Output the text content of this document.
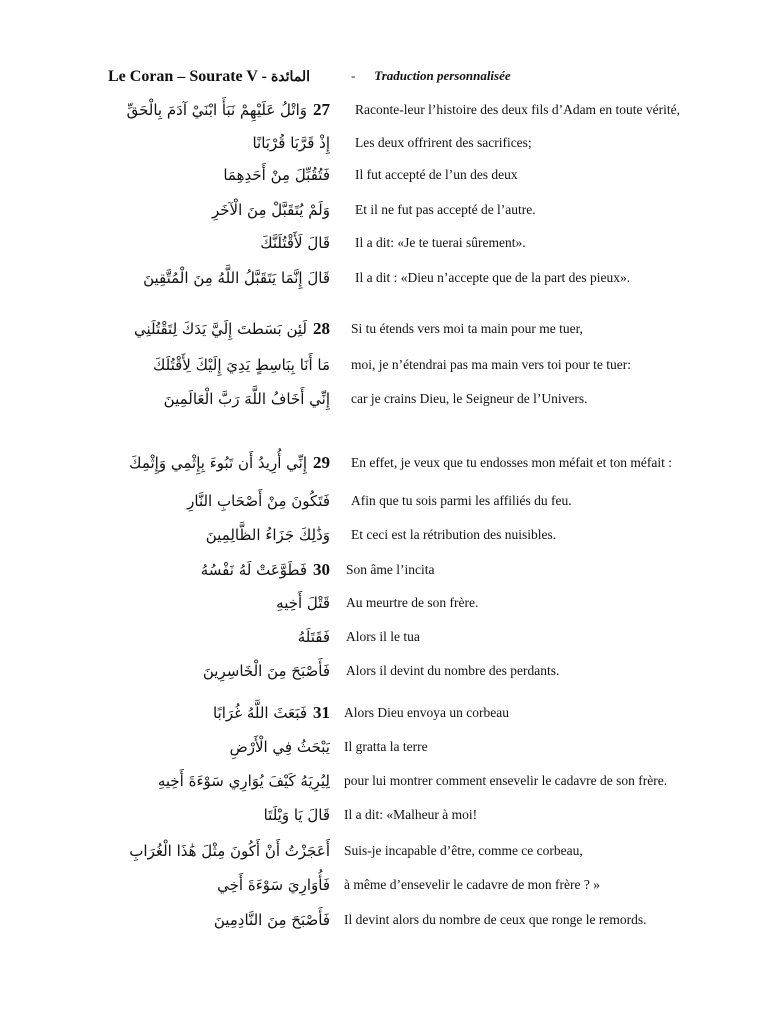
Le Coran – Sourate V - المائدة	- Traduction personnalisée
27وَاتْلُ عَلَيْهِمْ نَبَأَ ابْنَيْ آدَمَ بِالْحَقِّ	Raconte-leur l’histoire des deux fils d’Adam en toute vérité,
إِذْ قَرَّبَا قُرْبَانًا Les deux offrirent des sacrifices;
فَتُقُبِّلَ مِنْ أَحَدِهِمَا Il fut accepté de l’un des deux
وَلَمْ يُتَقَبَّلْ مِنَ الْآخَرِ Et il ne fut pas accepté de l’autre.
قَالَ لَأَقْتُلَنَّكَ Il a dit: «Je te tuerai sûrement».
قَالَ إِنَّمَا يَتَقَبَّلُ اللَّهُ مِنَ الْمُتَّقِينَ Il a dit : «Dieu n’accepte que de la part des pieux».
28لَئِن بَسَطتَ إِلَيَّ يَدَكَ لِتَقْتُلَنِي	Si tu étends vers moi ta main pour me tuer,
مَا أَنَا بِبَاسِطٍ يَدِيَ إِلَيْكَ لِأَقْتُلَكَ moi, je n’étendrai pas ma main vers toi pour te tuer:
إِنِّي أَخَافُ اللَّهَ رَبَّ الْعَالَمِينَ car je crains Dieu, le Seigneur de l’Univers.
29إِنِّي أُرِيدُ أَن تَبُوءَ بِإِثْمِي وَإِثْمِكَ	En effet, je veux que tu endosses mon méfait et ton méfait :
فَتَكُونَ مِنْ أَصْحَابِ النَّارِ Afin que tu sois parmi les affiliés du feu.
وَذَٰلِكَ جَزَاءُ الظَّالِمِينَ Et ceci est la rétribution des nuisibles.
30فَطَوَّعَتْ لَهُ نَفْسُهُ	Son âme l’incita
قَتْلَ أَخِيهِ Au meurtre de son frère.
فَقَتَلَهُ Alors il le tua
فَأَصْبَحَ مِنَ الْخَاسِرِينَ Alors il devint du nombre des perdants.
31فَبَعَثَ اللَّهُ غُرَابًا	Alors Dieu envoya un corbeau
يَبْحَثُ فِي الْأَرْضِ Il gratta la terre
لِيُرِيَهُ كَيْفَ يُوَارِي سَوْءَةَ أَخِيهِ pour lui montrer comment ensevelir le cadavre de son frère.
قَالَ يَا وَيْلَتَا Il a dit: «Malheur à moi!
أَعَجَزْتُ أَنْ أَكُونَ مِثْلَ هَٰذَا الْغُرَابِ Suis-je incapable d’être, comme ce corbeau,
فَأُوَارِيَ سَوْءَةَ أَخِي à même d’ensevelir le cadavre de mon frère ? »
فَأَصْبَحَ مِنَ النَّادِمِينَ Il devint alors du nombre de ceux que ronge le remords.
